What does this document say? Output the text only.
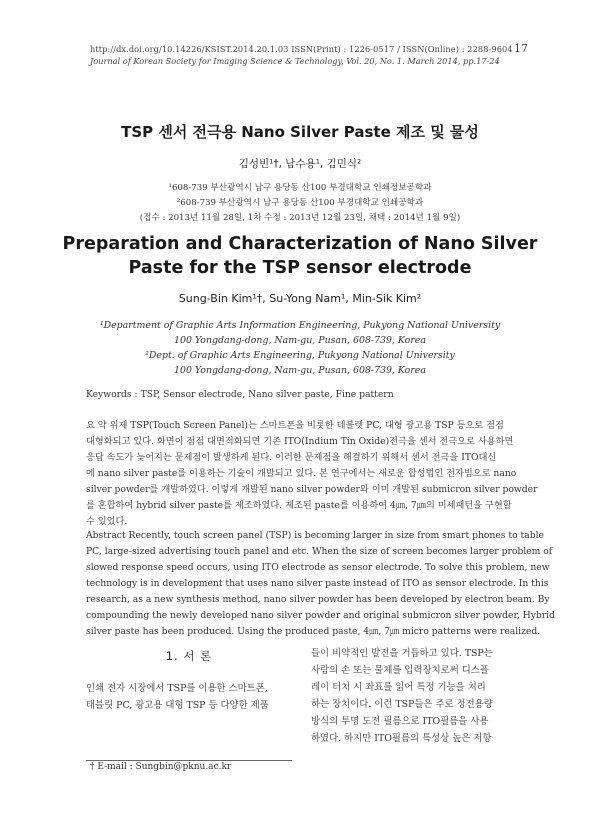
http://dx.doi.org/10.14226/KSIST.2014.20.1.03 ISSN(Print) : 1226-0517 / ISSN(Online) : 2288-9604 17
Journal of Korean Society for Imaging Science & Technology, Vol. 20, No. 1. March 2014, pp.17-24
TSP 센서 전극용 Nano Silver Paste 제조 및 물성
김성빈¹†, 남수용¹, 김민식²
¹608-739 부산광역시 남구 용당동 산100 부경대학교 인쇄정보공학과
²608-739 부산광역시 남구 용당동 산100 부경대학교 인쇄공학과
(접수 : 2013년 11월 28일, 1차 수정 : 2013년 12월 23일, 채택 : 2014년 1월 9일)
Preparation and Characterization of Nano Silver
Paste for the TSP sensor electrode
Sung-Bin Kim¹†, Su-Yong Nam¹, Min-Sik Kim²
¹Department of Graphic Arts Information Engineering, Pukyong National University
100 Yongdang-dong, Nam-gu, Pusan, 608-739, Korea
²Dept. of Graphic Arts Engineering, Pukyong National University
100 Yongdang-dong, Nam-gu, Pusan, 608-739, Korea
Keywords : TSP, Sensor electrode, Nano silver paste, Fine pattern
요 약 위제 TSP(Touch Screen Panel)는 스마트폰을 비롯한 테블렛 PC, 대형 광고용 TSP 등으로 점점
대형화되고 있다. 화면이 점점 대면적화되면 기존 ITO(Indium Tin Oxide)전극을 센서 전극으로 사용하면
응답 속도가 늦어지는 문제점이 발생하게 된다. 이러한 문제점을 해결하기 위해서 센서 전극을 ITO대신
에 nano silver paste를 이용하는 기술이 개발되고 있다. 본 연구에서는 새로운 합성법인 전자빔으로 nano
silver powder를 개발하였다. 이렇게 개발된 nano silver powder와 이미 개발된 submicron silver powder
를 혼합하여 hybrid silver paste를 제조하였다. 제조된 paste를 이용하여 4㎛, 7㎛의 미세패턴을 구현할
수 있었다.
Abstract Recently, touch screen panel (TSP) is becoming larger in size from smart phones to table
PC, large-sized advertising touch panel and etc. When the size of screen becomes larger problem of
slowed response speed occurs, using ITO electrode as sensor electrode. To solve this problem, new
technology is in development that uses nano silver paste instead of ITO as sensor electrode. In this
research, as a new synthesis method, nano silver powder has been developed by electron beam. By
compounding the newly developed nano silver powder and original submicron silver powder, Hybrid
silver paste has been produced. Using the produced paste, 4㎛, 7㎛ micro patterns were realized.
1. 서 론
인쇄 전자 시장에서 TSP를 이용한 스마트폰,
태블릿 PC, 광고용 대형 TSP 등 다양한 제품
들이 비약적인 발전을 거듭하고 있다. TSP는
사람의 손 또는 물체를 입력장치로써 디스플
레이 터치 시 좌표를 읽어 특정 기능을 처리
하는 장치이다. 이런 TSP들은 주로 정전용량
방식의 투명 도전 필름으로 ITO필름을 사용
하였다. 하지만 ITO필름의 특성상 높은 저항
† E-mail : Sungbin@pknu.ac.kr
